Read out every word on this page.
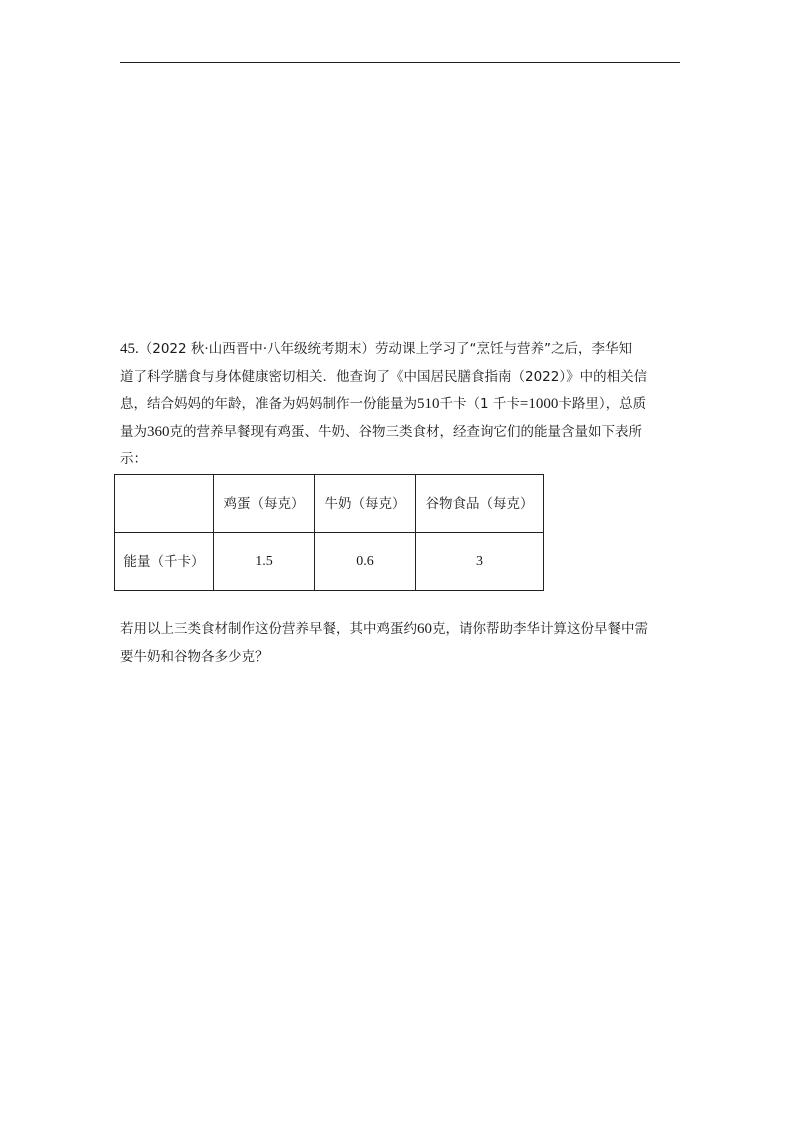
45.（2022 秋·山西晋中·八年级统考期末）劳动课上学习了“烹饪与营养”之后，李华知

道了科学膳食与身体健康密切相关．他查询了《中国居民膳食指南（2022）》中的相关信

息，结合妈妈的年龄，准备为妈妈制作一份能量为510千卡（1 千卡=1000卡路里），总质

量为360克的营养早餐现有鸡蛋、牛奶、谷物三类食材，经查询它们的能量含量如下表所

示：

	鸡蛋（每克）	牛奶（每克）	谷物食品（每克）
能量（千卡）	1.5	0.6	3

若用以上三类食材制作这份营养早餐，其中鸡蛋约60克，请你帮助李华计算这份早餐中需

要牛奶和谷物各多少克？
